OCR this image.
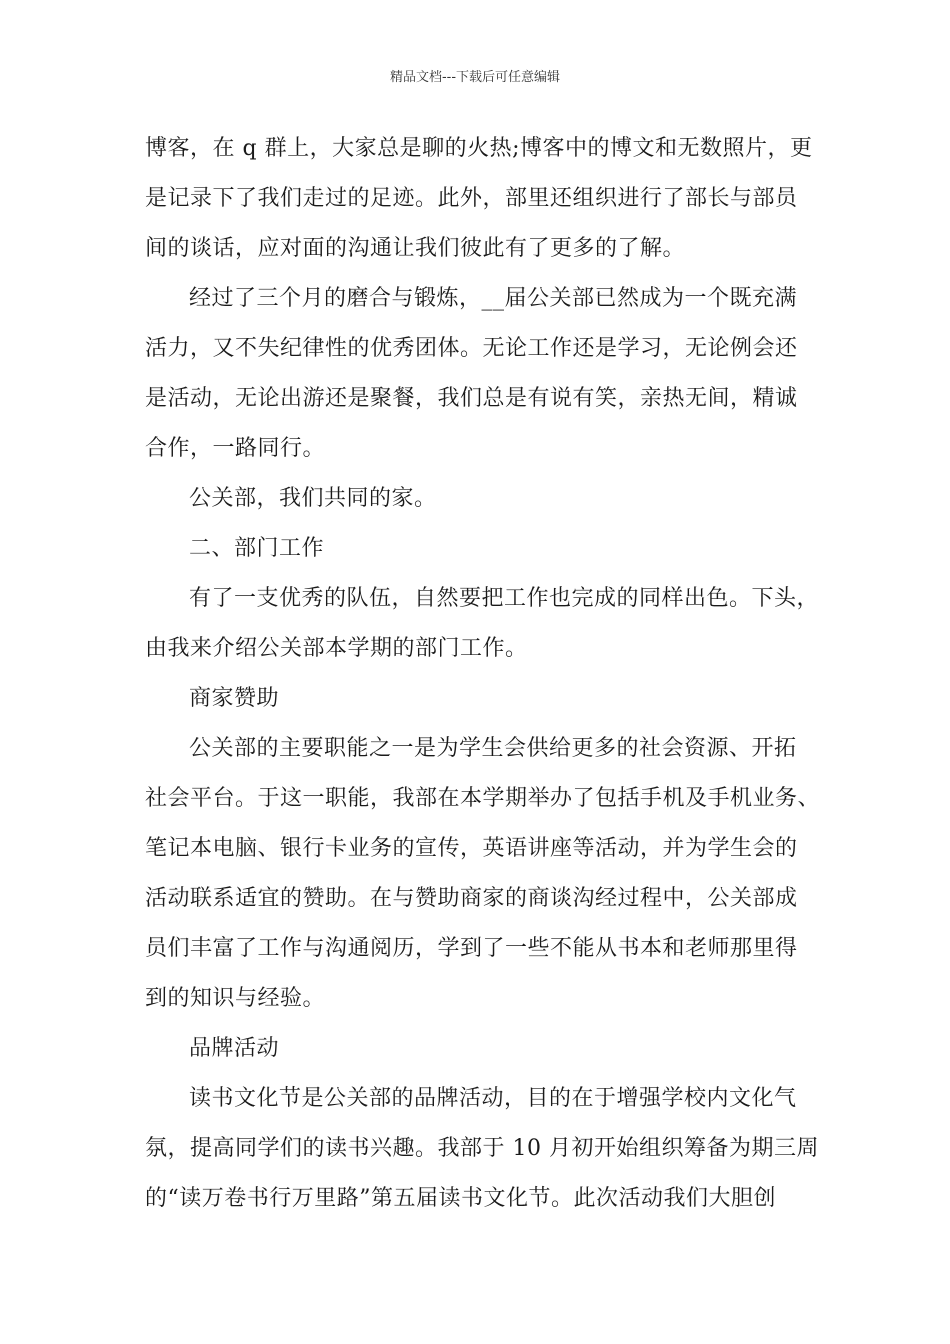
精品文档---下载后可任意编辑
博客，在 q 群上，大家总是聊的火热;博客中的博文和无数照片，更
是记录下了我们走过的足迹。此外，部里还组织进行了部长与部员
间的谈话，应对面的沟通让我们彼此有了更多的了解。
经过了三个月的磨合与锻炼，__届公关部已然成为一个既充满
活力，又不失纪律性的优秀团体。无论工作还是学习，无论例会还
是活动，无论出游还是聚餐，我们总是有说有笑，亲热无间，精诚
合作，一路同行。
公关部，我们共同的家。
二、部门工作
有了一支优秀的队伍，自然要把工作也完成的同样出色。下头，
由我来介绍公关部本学期的部门工作。
商家赞助
公关部的主要职能之一是为学生会供给更多的社会资源、开拓
社会平台。于这一职能，我部在本学期举办了包括手机及手机业务、
笔记本电脑、银行卡业务的宣传，英语讲座等活动，并为学生会的
活动联系适宜的赞助。在与赞助商家的商谈沟经过程中，公关部成
员们丰富了工作与沟通阅历，学到了一些不能从书本和老师那里得
到的知识与经验。
品牌活动
读书文化节是公关部的品牌活动，目的在于增强学校内文化气
氛，提高同学们的读书兴趣。我部于 10 月初开始组织筹备为期三周
的“读万卷书行万里路”第五届读书文化节。此次活动我们大胆创
